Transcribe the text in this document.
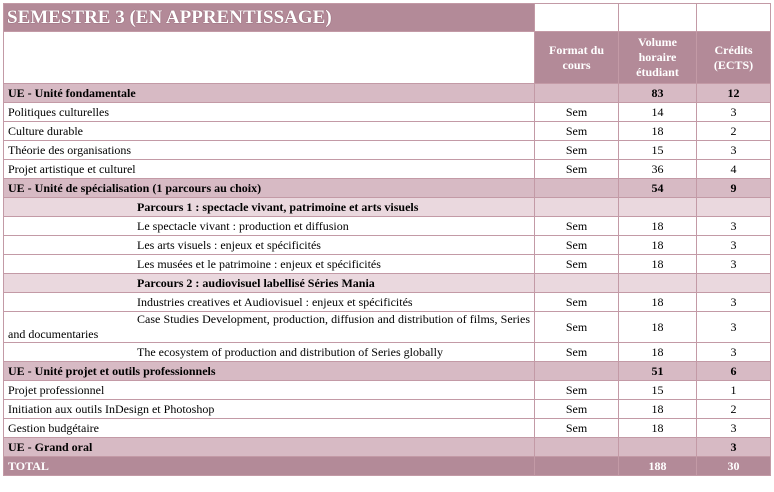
SEMESTRE 3 (EN APPRENTISSAGE)			
	Format du cours	Volume horaire étudiant	Crédits (ECTS)
UE - Unité fondamentale		83	12
Politiques culturelles	Sem	14	3
Culture durable	Sem	18	2
Théorie des organisations	Sem	15	3
Projet artistique et culturel	Sem	36	4
UE - Unité de spécialisation (1 parcours au choix)		54	9
Parcours 1 : spectacle vivant, patrimoine et arts visuels			
Le spectacle vivant : production et diffusion	Sem	18	3
Les arts visuels : enjeux et spécificités	Sem	18	3
Les musées et le patrimoine : enjeux et spécificités	Sem	18	3
Parcours 2 : audiovisuel labellisé Séries Mania			
Industries creatives et Audiovisuel : enjeux et spécificités	Sem	18	3
Case Studies Development, production, diffusion and distribution of films, Series and documentaries	Sem	18	3
The ecosystem of production and distribution of Series globally	Sem	18	3
UE - Unité projet et outils professionnels		51	6
Projet professionnel	Sem	15	1
Initiation aux outils InDesign et Photoshop	Sem	18	2
Gestion budgétaire	Sem	18	3
UE - Grand oral			3
TOTAL		188	30
